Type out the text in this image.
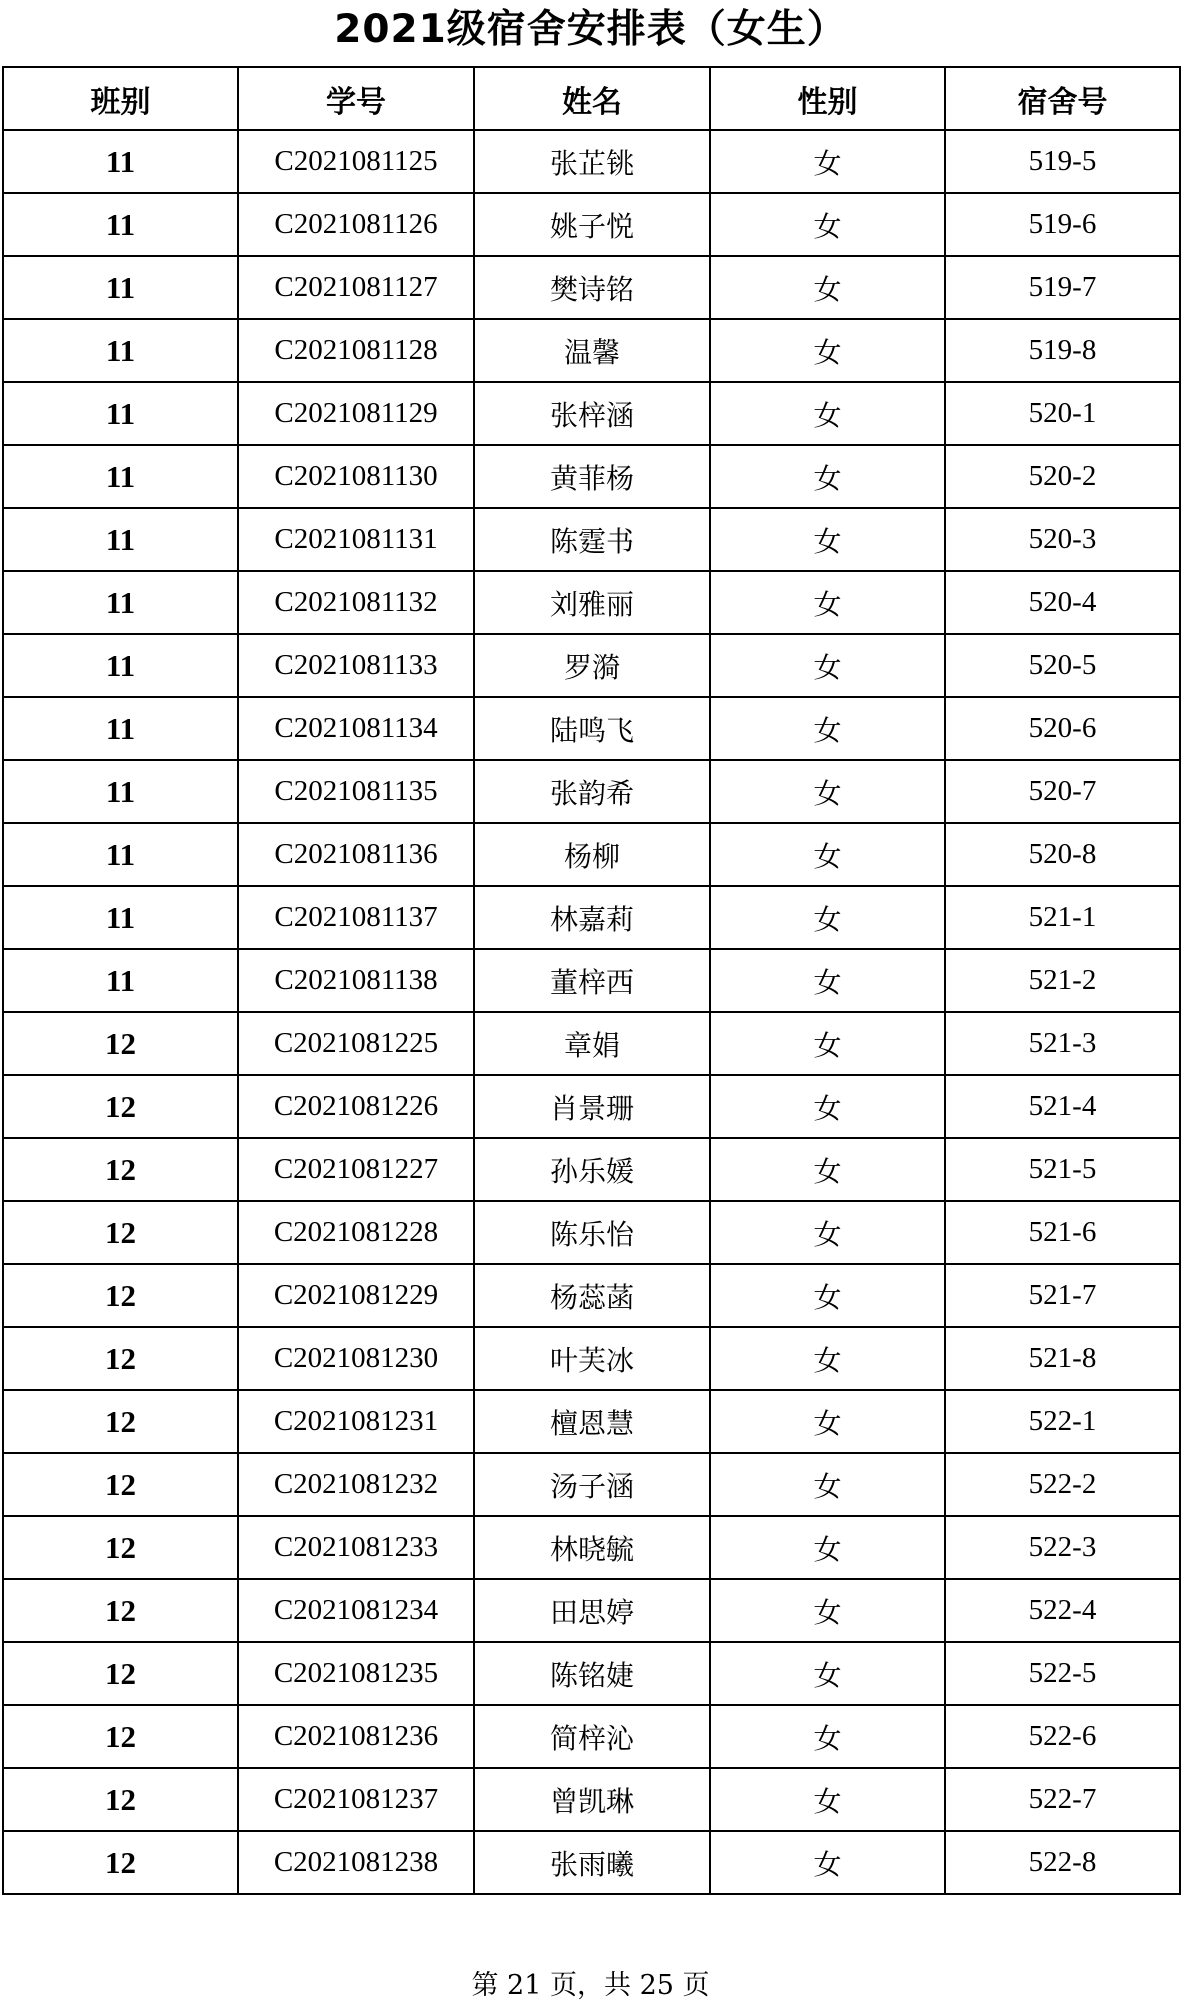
2021级宿舍安排表（女生）
班别	学号	姓名	性别	宿舍号
11	C2021081125	张芷铫	女	519-5
11	C2021081126	姚子悦	女	519-6
11	C2021081127	樊诗铭	女	519-7
11	C2021081128	温馨	女	519-8
11	C2021081129	张梓涵	女	520-1
11	C2021081130	黄菲杨	女	520-2
11	C2021081131	陈霆书	女	520-3
11	C2021081132	刘雅丽	女	520-4
11	C2021081133	罗漪	女	520-5
11	C2021081134	陆鸣飞	女	520-6
11	C2021081135	张韵希	女	520-7
11	C2021081136	杨柳	女	520-8
11	C2021081137	林嘉莉	女	521-1
11	C2021081138	董梓西	女	521-2
12	C2021081225	章娟	女	521-3
12	C2021081226	肖景珊	女	521-4
12	C2021081227	孙乐媛	女	521-5
12	C2021081228	陈乐怡	女	521-6
12	C2021081229	杨蕊菡	女	521-7
12	C2021081230	叶芙冰	女	521-8
12	C2021081231	檀恩慧	女	522-1
12	C2021081232	汤子涵	女	522-2
12	C2021081233	林晓毓	女	522-3
12	C2021081234	田思婷	女	522-4
12	C2021081235	陈铭婕	女	522-5
12	C2021081236	简梓沁	女	522-6
12	C2021081237	曾凯琳	女	522-7
12	C2021081238	张雨曦	女	522-8
第 21 页，共 25 页
